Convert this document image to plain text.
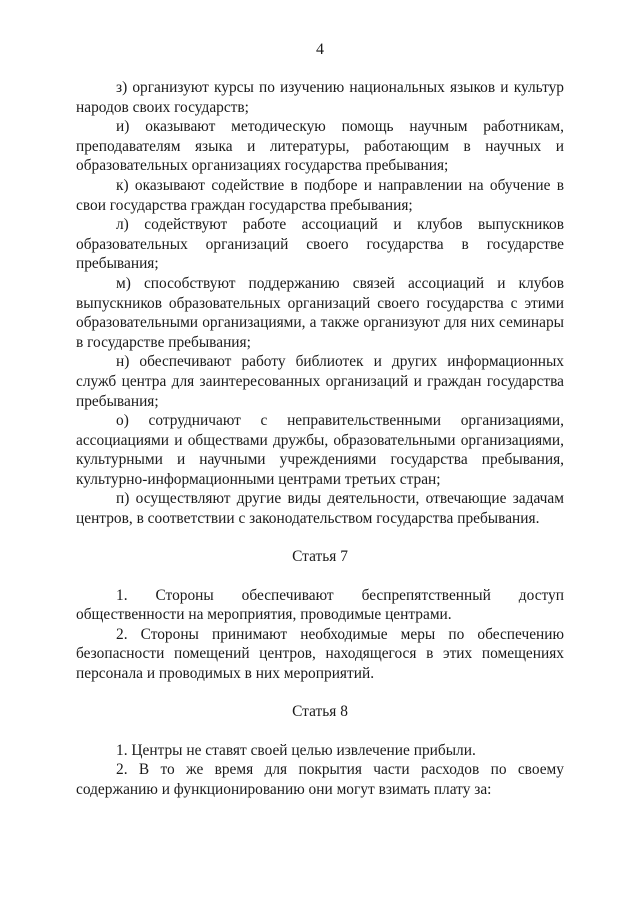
4

з) организуют курсы по изучению национальных языков и культур народов своих государств;

и) оказывают методическую помощь научным работникам, преподавателям языка и литературы, работающим в научных и образовательных организациях государства пребывания;

к) оказывают содействие в подборе и направлении на обучение в свои государства граждан государства пребывания;

л) содействуют работе ассоциаций и клубов выпускников образовательных организаций своего государства в государстве пребывания;

м) способствуют поддержанию связей ассоциаций и клубов выпускников образовательных организаций своего государства с этими образовательными организациями, а также организуют для них семинары в государстве пребывания;

н) обеспечивают работу библиотек и других информационных служб центра для заинтересованных организаций и граждан государства пребывания;

о) сотрудничают с неправительственными организациями, ассоциациями и обществами дружбы, образовательными организациями, культурными и научными учреждениями государства пребывания, культурно-информационными центрами третьих стран;

п) осуществляют другие виды деятельности, отвечающие задачам центров, в соответствии с законодательством государства пребывания.

Статья 7

1. Стороны обеспечивают беспрепятственный доступ общественности на мероприятия, проводимые центрами.

2. Стороны принимают необходимые меры по обеспечению безопасности помещений центров, находящегося в этих помещениях персонала и проводимых в них мероприятий.

Статья 8

1. Центры не ставят своей целью извлечение прибыли.

2. В то же время для покрытия части расходов по своему содержанию и функционированию они могут взимать плату за:
